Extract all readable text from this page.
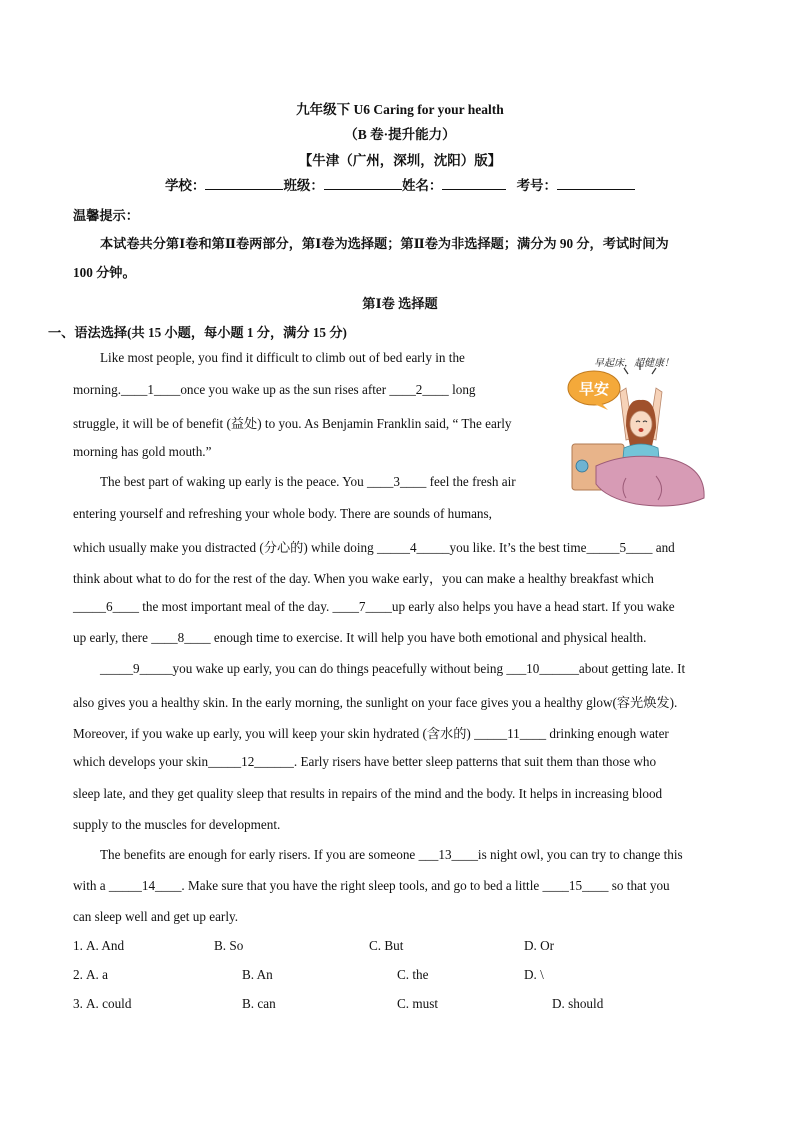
九年级下 U6 Caring for your health
（B 卷·提升能力）
【牛津（广州，深圳，沈阳）版】
学校：	班级：	姓名：	考号：
温馨提示：
本试卷共分第Ⅰ卷和第Ⅱ卷两部分，第Ⅰ卷为选择题；第Ⅱ卷为非选择题；满分为 90 分，考试时间为
100 分钟。
第Ⅰ卷 选择题
一、语法选择(共 15 小题，每小题 1 分，满分 15 分)
Like most people, you find it difficult to climb out of bed early in the
morning.____1____once you wake up as the sun rises after ____2____ long
struggle, it will be of benefit (益处) to you. As Benjamin Franklin said, “ The early
morning has gold mouth.”
The best part of waking up early is the peace. You ____3____ feel the fresh air
entering yourself and refreshing your whole body. There are sounds of humans,
which usually make you distracted (分心的) while doing _____4_____you like. It’s the best time_____5____ and
think about what to do for the rest of the day. When you wake early，you can make a healthy breakfast which
_____6____ the most important meal of the day. ____7____up early also helps you have a head start. If you wake
up early, there ____8____ enough time to exercise. It will help you have both emotional and physical health.
_____9_____you wake up early, you can do things peacefully without being ___10______about getting late. It
also gives you a healthy skin. In the early morning, the sunlight on your face gives you a healthy glow(容光焕发).
Moreover, if you wake up early, you will keep your skin hydrated (含水的) _____11____ drinking enough water
which develops your skin_____12______. Early risers have better sleep patterns that suit them than those who
sleep late, and they get quality sleep that results in repairs of the mind and the body. It helps in increasing blood
supply to the muscles for development.
The benefits are enough for early risers. If you are someone ___13____is night owl, you can try to change this
with a _____14____. Make sure that you have the right sleep tools, and go to bed a little ____15____ so that you
can sleep well and get up early.
早起床，超健康！
早安
1. A. And	B. So	C. But	D. Or
2. A. a	B. An	C. the	D. \
3. A. could	B. can	C. must	D. should
